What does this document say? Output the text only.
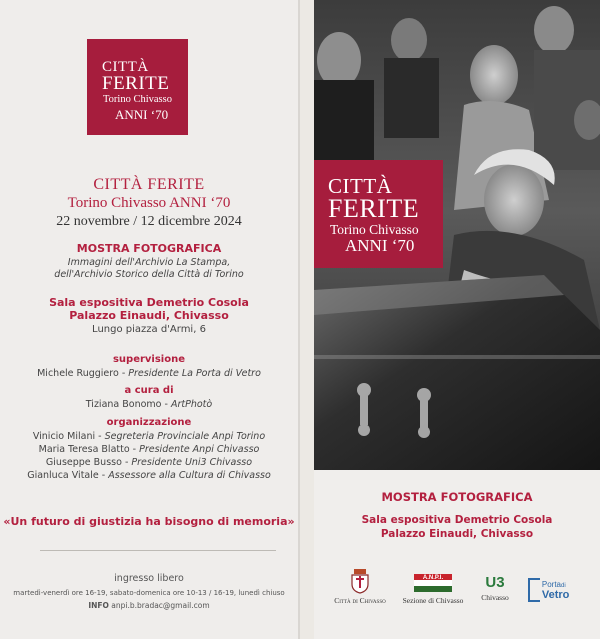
CITTÀ
FERITE
Torino Chivasso
ANNI ‘70
CITTÀ FERITE
Torino Chivasso ANNI ‘70
22 novembre / 12 dicembre 2024
MOSTRA FOTOGRAFICA
Immagini dell'Archivio La Stampa,
dell'Archivio Storico della Città di Torino
Sala espositiva Demetrio Cosola
Palazzo Einaudi, Chivasso
Lungo piazza d'Armi, 6
supervisione
Michele Ruggiero - Presidente La Porta di Vetro
a cura di
Tiziana Bonomo - ArtPhotò
organizzazione
Vinicio Milani - Segreteria Provinciale Anpi Torino
Maria Teresa Blatto - Presidente Anpi Chivasso
Giuseppe Busso - Presidente Uni3 Chivasso
Gianluca Vitale - Assessore alla Cultura di Chivasso
«Un futuro di giustizia ha bisogno di memoria»
ingresso libero
martedì-venerdì ore 16-19, sabato-domenica ore 10-13 / 16-19, lunedì chiuso
INFO anpi.b.bradac@gmail.com
CITTÀ
FERITE
Torino Chivasso
ANNI ‘70
MOSTRA FOTOGRAFICA
Sala espositiva Demetrio Cosola
Palazzo Einaudi, Chivasso
Città di Chivasso
A.N.P.I.
Sezione di Chivasso
U3
Chivasso
Portadi
Vetro
